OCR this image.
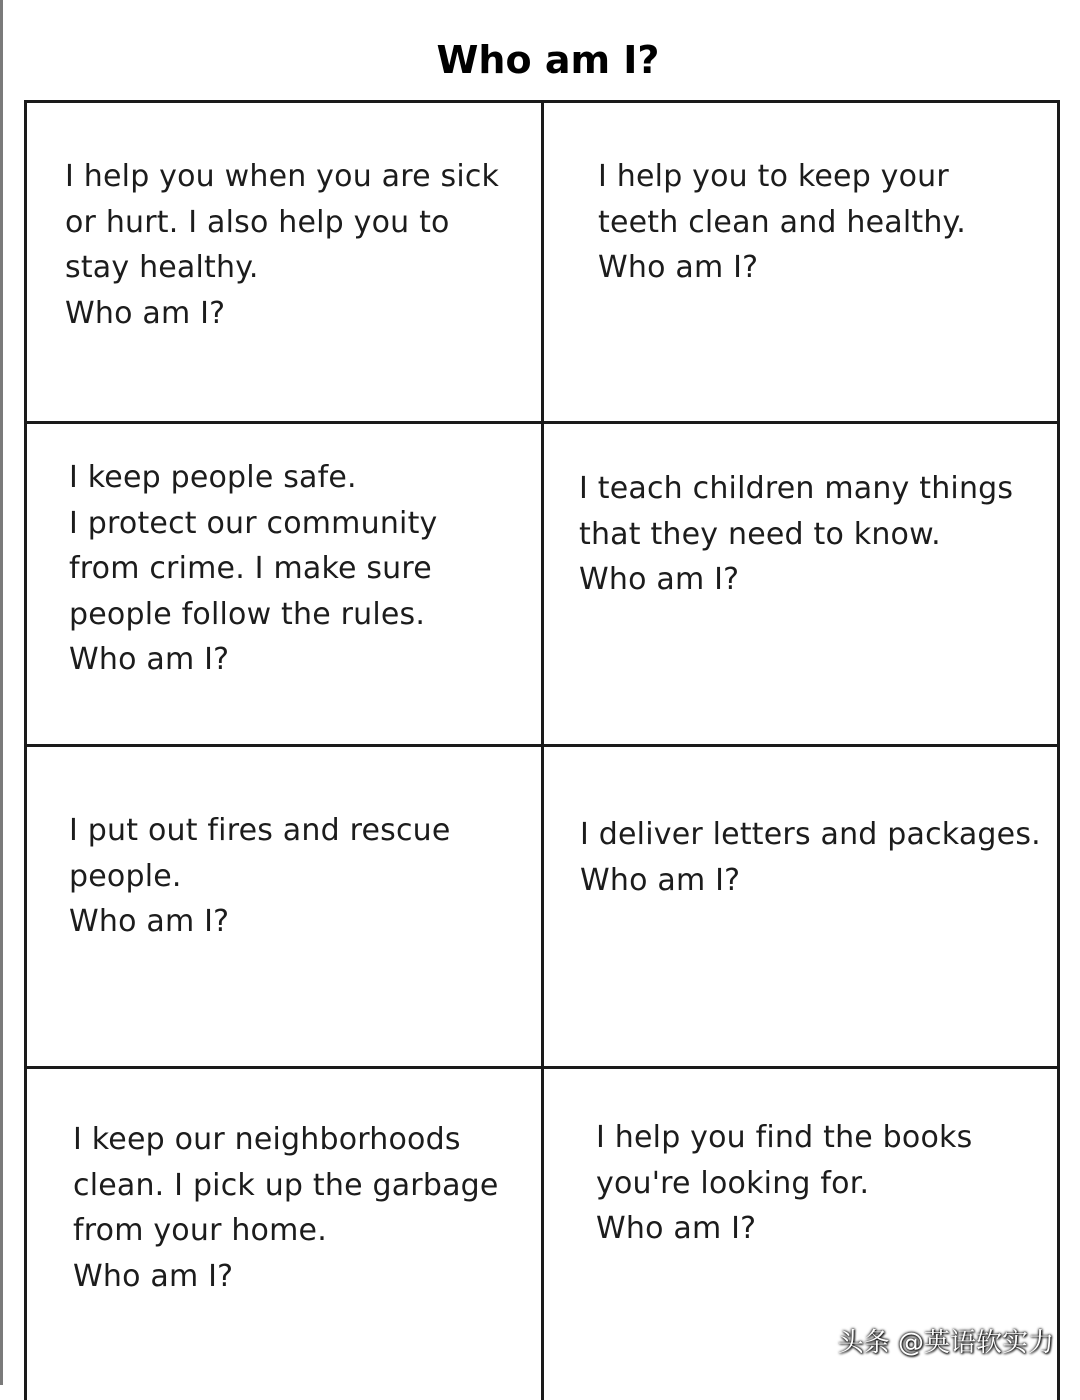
Who am I?
I help you when you are sick
or hurt. I also help you to
stay healthy.
Who am I?
I help you to keep your
teeth clean and healthy.
Who am I?
I keep people safe.
I protect our community
from crime. I make sure
people follow the rules.
Who am I?
I teach children many things
that they need to know.
Who am I?
I put out fires and rescue
people.
Who am I?
I deliver letters and packages.
Who am I?
I keep our neighborhoods
clean. I pick up the garbage
from your home.
Who am I?
I help you find the books
you're looking for.
Who am I?
头条 @英语软实力
